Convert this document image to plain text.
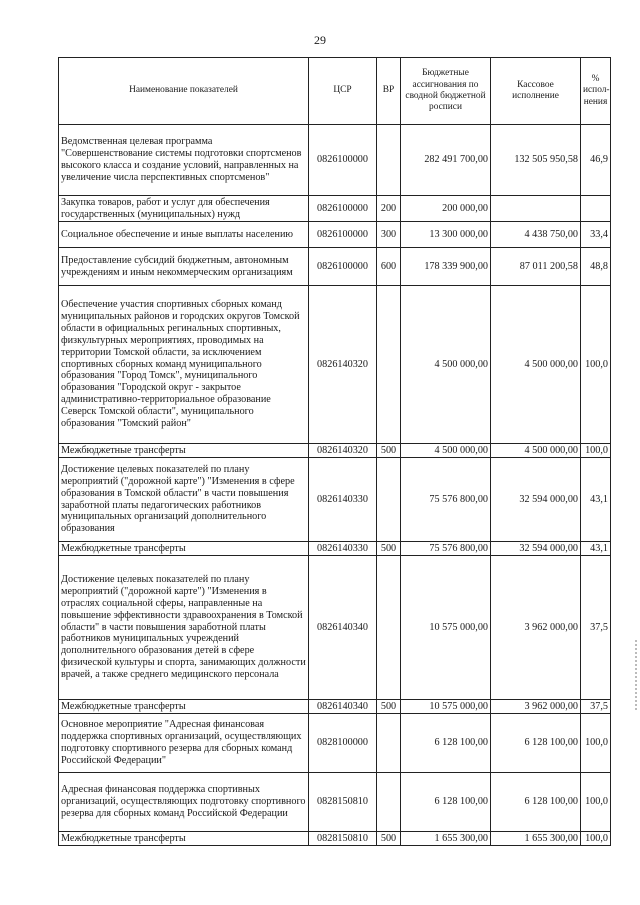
29
Наименование показателей	ЦСР	ВР	Бюджетные ассигнования по сводной бюджетной росписи	Кассовое исполнение	% испол-нения
Ведомственная целевая программа "Совершенствование системы подготовки спортсменов высокого класса и создание условий, направленных на увеличение числа перспективных спортсменов"	0826100000		282 491 700,00	132 505 950,58	46,9
Закупка товаров, работ и услуг для обеспечения государственных (муниципальных) нужд	0826100000	200	200 000,00		
Социальное обеспечение и иные выплаты населению	0826100000	300	13 300 000,00	4 438 750,00	33,4
Предоставление субсидий бюджетным, автономным учреждениям и иным некоммерческим организациям	0826100000	600	178 339 900,00	87 011 200,58	48,8
Обеспечение участия спортивных сборных команд муниципальных районов и городских округов Томской области в официальных регинальных спортивных, физкультурных мероприятиях, проводимых на территории Томской области, за исключением спортивных сборных команд муниципального образования "Город Томск", муниципального образования "Городской округ - закрытое административно-территориальное образование Северск Томской области", муниципального образования "Томский район"	0826140320		4 500 000,00	4 500 000,00	100,0
Межбюджетные трансферты	0826140320	500	4 500 000,00	4 500 000,00	100,0
Достижение целевых показателей по плану мероприятий ("дорожной карте") "Изменения в сфере образования в Томской области" в части повышения заработной платы педагогических работников муниципальных организаций дополнительного образования	0826140330		75 576 800,00	32 594 000,00	43,1
Межбюджетные трансферты	0826140330	500	75 576 800,00	32 594 000,00	43,1
Достижение целевых показателей по плану мероприятий ("дорожной карте") "Изменения в отраслях социальной сферы, направленные на повышение эффективности здравоохранения в Томской области" в части повышения заработной платы работников муниципальных учреждений дополнительного образования детей в сфере физической культуры и спорта, занимающих должности врачей, а также среднего медицинского персонала	0826140340		10 575 000,00	3 962 000,00	37,5
Межбюджетные трансферты	0826140340	500	10 575 000,00	3 962 000,00	37,5
Основное мероприятие "Адресная финансовая поддержка спортивных организаций, осуществляющих подготовку спортивного резерва для сборных команд Российской Федерации"	0828100000		6 128 100,00	6 128 100,00	100,0
Адресная финансовая поддержка спортивных организаций, осуществляющих подготовку спортивного резерва для сборных команд Российской Федерации	0828150810		6 128 100,00	6 128 100,00	100,0
Межбюджетные трансферты	0828150810	500	1 655 300,00	1 655 300,00	100,0
